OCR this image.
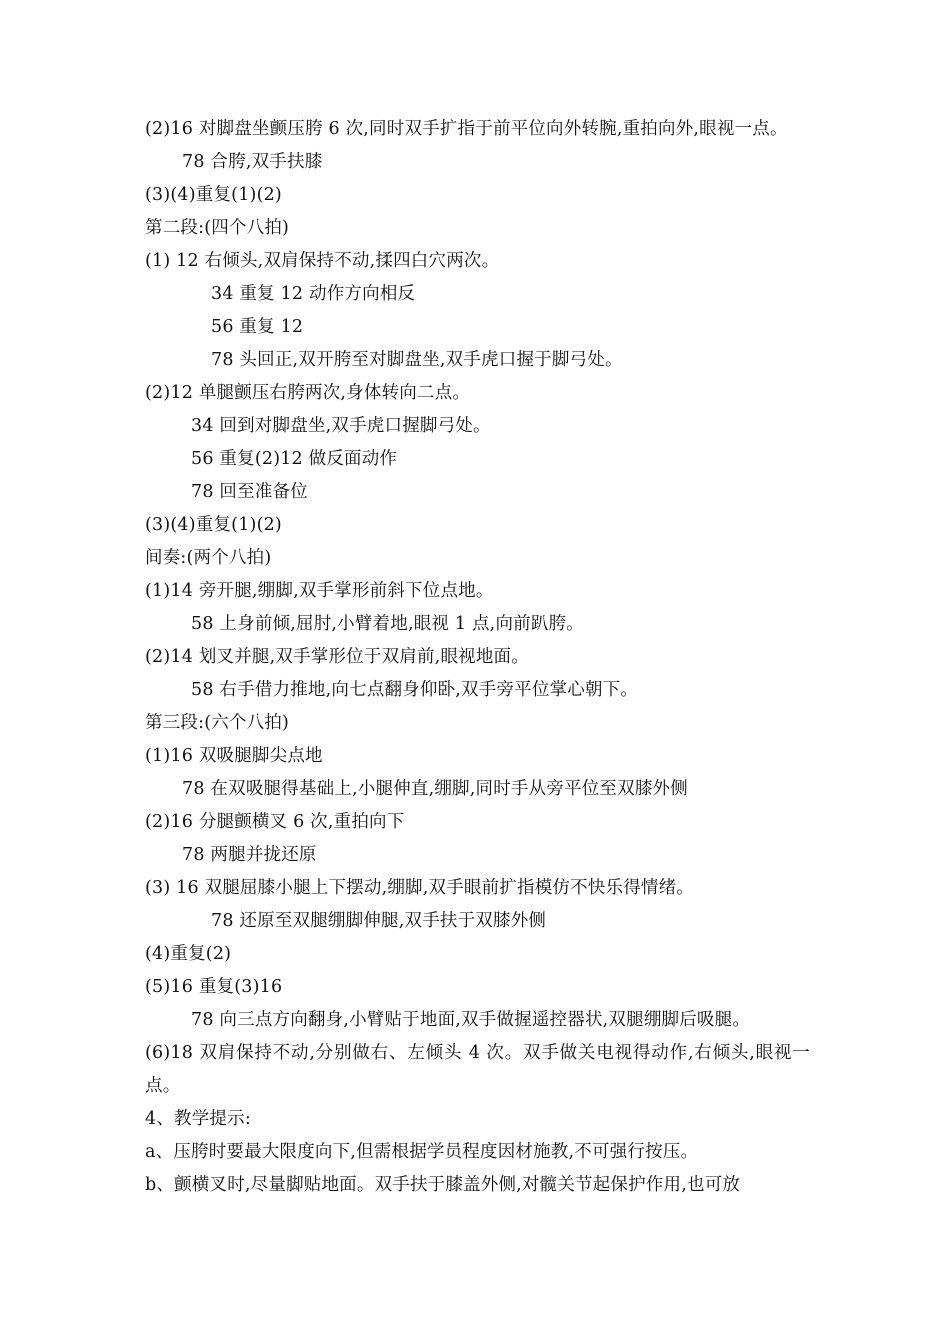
(2)16 对脚盘坐颤压胯 6 次,同时双手扩指于前平位向外转腕,重拍向外,眼视一点。
78 合胯,双手扶膝
(3)(4)重复(1)(2)
第二段:(四个八拍)
(1) 12 右倾头,双肩保持不动,揉四白穴两次。
34 重复 12 动作方向相反
56 重复 12
78 头回正,双开胯至对脚盘坐,双手虎口握于脚弓处。
(2)12 单腿颤压右胯两次,身体转向二点。
34 回到对脚盘坐,双手虎口握脚弓处。
56 重复(2)12 做反面动作
78 回至准备位
(3)(4)重复(1)(2)
间奏:(两个八拍)
(1)14 旁开腿,绷脚,双手掌形前斜下位点地。
58 上身前倾,屈肘,小臂着地,眼视 1 点,向前趴胯。
(2)14 划叉并腿,双手掌形位于双肩前,眼视地面。
58 右手借力推地,向七点翻身仰卧,双手旁平位掌心朝下。
第三段:(六个八拍)
(1)16 双吸腿脚尖点地
78 在双吸腿得基础上,小腿伸直,绷脚,同时手从旁平位至双膝外侧
(2)16 分腿颤横叉 6 次,重拍向下
78 两腿并拢还原
(3) 16 双腿屈膝小腿上下摆动,绷脚,双手眼前扩指模仿不快乐得情绪。
78 还原至双腿绷脚伸腿,双手扶于双膝外侧
(4)重复(2)
(5)16 重复(3)16
78 向三点方向翻身,小臂贴于地面,双手做握遥控器状,双腿绷脚后吸腿。
(6)18 双肩保持不动,分别做右、左倾头 4 次。双手做关电视得动作,右倾头,眼视一点。
4、教学提示:
a、压胯时要最大限度向下,但需根据学员程度因材施教,不可强行按压。
b、颤横叉时,尽量脚贴地面。双手扶于膝盖外侧,对髋关节起保护作用,也可放
